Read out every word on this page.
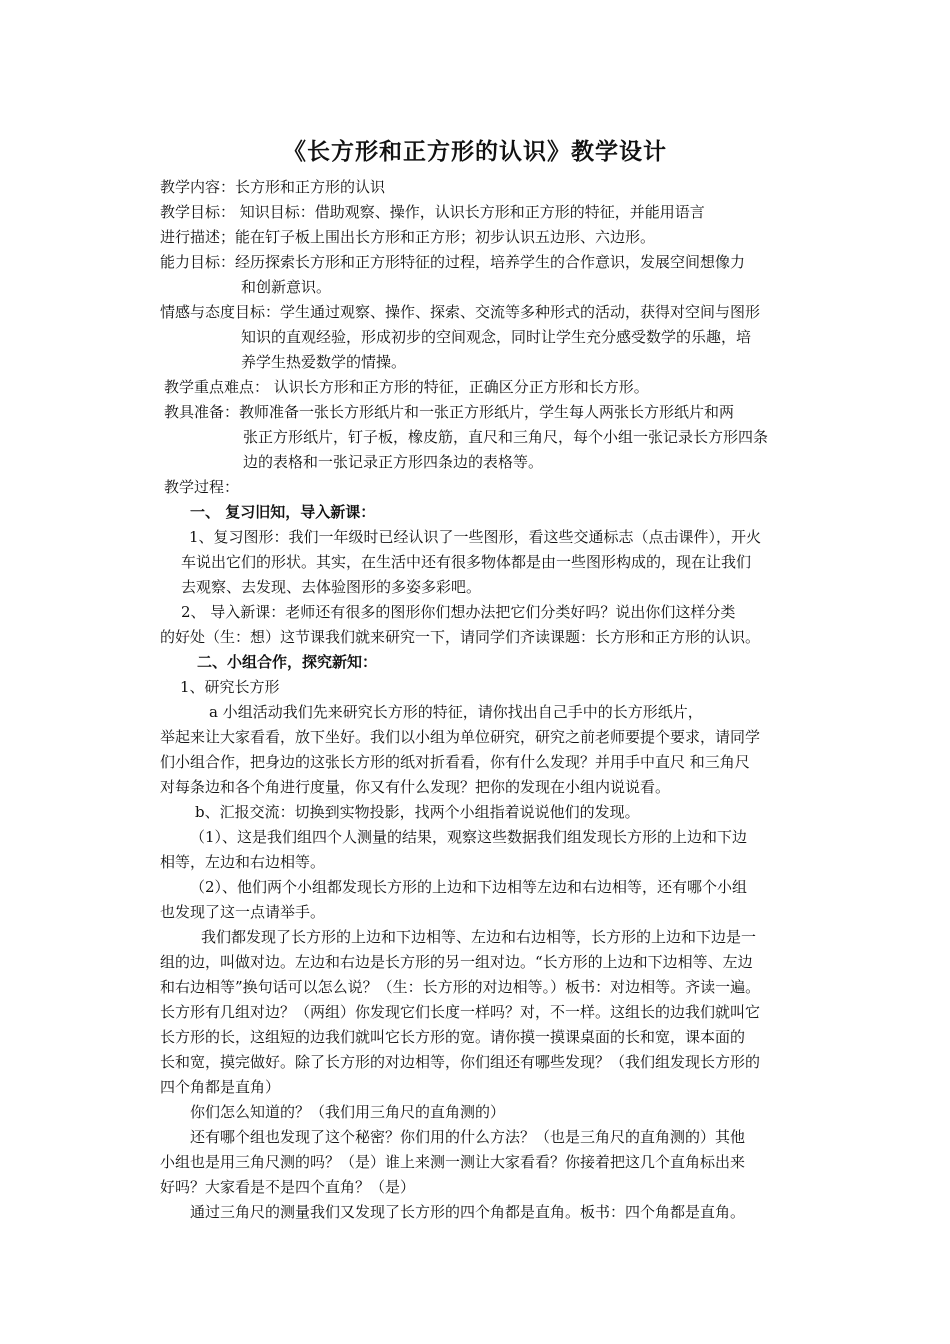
《长方形和正方形的认识》教学设计
教学内容：长方形和正方形的认识
教学目标： 知识目标：借助观察、操作，认识长方形和正方形的特征，并能用语言
进行描述；能在钉子板上围出长方形和正方形；初步认识五边形、六边形。
能力目标：经历探索长方形和正方形特征的过程，培养学生的合作意识，发展空间想像力
和创新意识。
情感与态度目标：学生通过观察、操作、探索、交流等多种形式的活动，获得对空间与图形
知识的直观经验，形成初步的空间观念，同时让学生充分感受数学的乐趣，培
养学生热爱数学的情操。
教学重点难点： 认识长方形和正方形的特征，正确区分正方形和长方形。
教具准备：教师准备一张长方形纸片和一张正方形纸片，学生每人两张长方形纸片和两
张正方形纸片，钉子板，橡皮筋，直尺和三角尺，每个小组一张记录长方形四条
边的表格和一张记录正方形四条边的表格等。
教学过程：
一、 复习旧知，导入新课：
1、复习图形：我们一年级时已经认识了一些图形，看这些交通标志（点击课件），开火
车说出它们的形状。其实，在生活中还有很多物体都是由一些图形构成的，现在让我们
去观察、去发现、去体验图形的多姿多彩吧。
2、 导入新课：老师还有很多的图形你们想办法把它们分类好吗？说出你们这样分类
的好处（生：想）这节课我们就来研究一下，请同学们齐读课题：长方形和正方形的认识。
二、小组合作，探究新知：
1、研究长方形
a 小组活动我们先来研究长方形的特征，请你找出自己手中的长方形纸片，
举起来让大家看看，放下坐好。我们以小组为单位研究，研究之前老师要提个要求，请同学
们小组合作，把身边的这张长方形的纸对折看看，你有什么发现？并用手中直尺 和三角尺
对每条边和各个角进行度量，你又有什么发现？把你的发现在小组内说说看。
b、汇报交流：切换到实物投影，找两个小组指着说说他们的发现。
（1）、这是我们组四个人测量的结果，观察这些数据我们组发现长方形的上边和下边
相等，左边和右边相等。
（2）、他们两个小组都发现长方形的上边和下边相等左边和右边相等，还有哪个小组
也发现了这一点请举手。
我们都发现了长方形的上边和下边相等、左边和右边相等，长方形的上边和下边是一
组的边，叫做对边。左边和右边是长方形的另一组对边。“长方形的上边和下边相等、左边
和右边相等”换句话可以怎么说？（生：长方形的对边相等。）板书：对边相等。齐读一遍。
长方形有几组对边？（两组）你发现它们长度一样吗？对，不一样。这组长的边我们就叫它
长方形的长，这组短的边我们就叫它长方形的宽。请你摸一摸课桌面的长和宽，课本面的
长和宽，摸完做好。除了长方形的对边相等，你们组还有哪些发现？（我们组发现长方形的
四个角都是直角）
你们怎么知道的？（我们用三角尺的直角测的）
还有哪个组也发现了这个秘密？你们用的什么方法？（也是三角尺的直角测的）其他
小组也是用三角尺测的吗？（是）谁上来测一测让大家看看？你接着把这几个直角标出来
好吗？大家看是不是四个直角？（是）
通过三角尺的测量我们又发现了长方形的四个角都是直角。板书：四个角都是直角。
